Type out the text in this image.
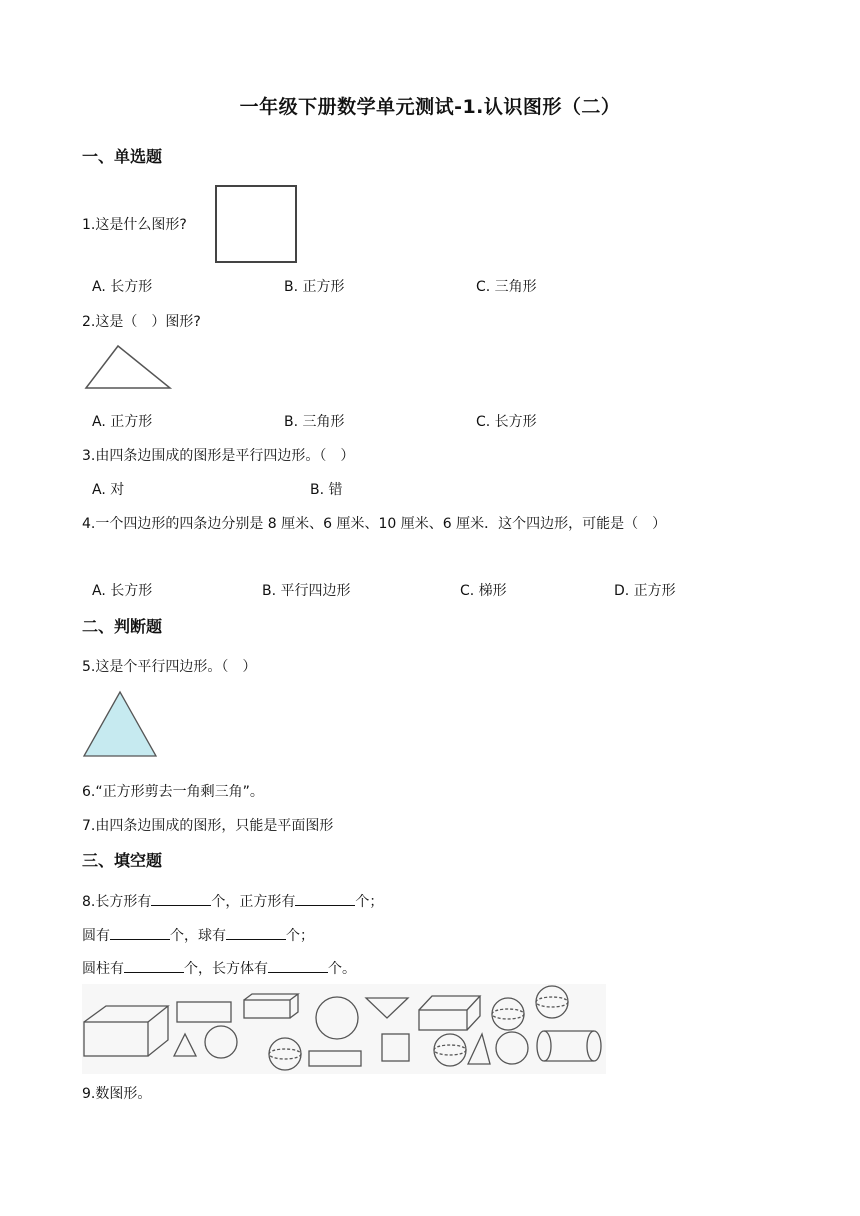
一年级下册数学单元测试-1.认识图形（二）
一、单选题
1.这是什么图形?
A. 长方形	B. 正方形	C. 三角形
2.这是（　）图形?
A. 正方形	B. 三角形	C. 长方形
3.由四条边围成的图形是平行四边形。（　）
A. 对	B. 错
4.一个四边形的四条边分别是 8 厘米、6 厘米、10 厘米、6 厘米．这个四边形，可能是（　）
A. 长方形	B. 平行四边形	C. 梯形	D. 正方形
二、判断题
5.这是个平行四边形。（　）
6.“正方形剪去一角剩三角”。
7.由四条边围成的图形，只能是平面图形
三、填空题
8.长方形有	个，正方形有	个；
圆有	个，球有	个；
圆柱有	个，长方体有	个。
9.数图形。
